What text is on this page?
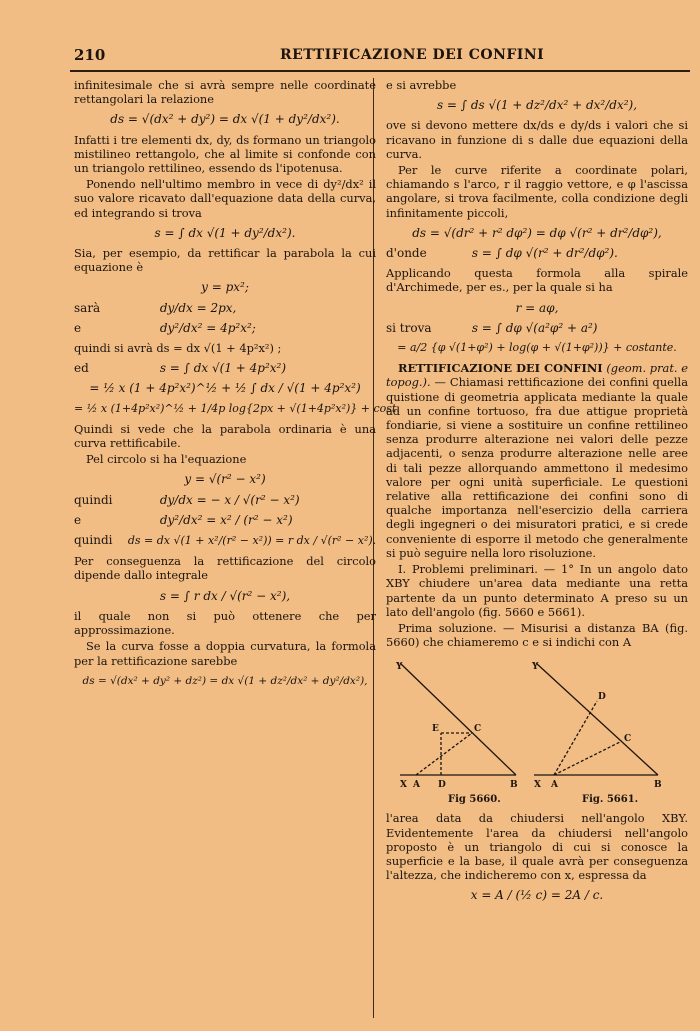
210	RETTIFICAZIONE DEI CONFINI

infinitesimale che si avrà sempre nelle coordinate rettangolari la relazione

ds = √(dx² + dy²) = dx √(1 + dy²/dx²).

Infatti i tre elementi dx, dy, ds formano un triangolo mistilineo rettangolo, che al limite si confonde con un triangolo rettilineo, essendo ds l'ipotenusa.

Ponendo nell'ultimo membro in vece di dy²/dx² il suo valore ricavato dall'equazione data della curva, ed integrando si trova

s = ∫ dx √(1 + dy²/dx²).

Sia, per esempio, da rettificar la parabola la cui equazione è

y = px²;
sarà	dy/dx = 2px,
e	dy²/dx² = 4p²x²;

quindi si avrà ds = dx √(1 + 4p²x²) ;

ed	s = ∫ dx √(1 + 4p²x²)
= ½ x (1 + 4p²x²)^½ + ½ ∫ dx / √(1 + 4p²x²)
= ½ x (1+4p²x²)^½ + 1/4p log{2px + √(1+4p²x²)} + cost.

Quindi si vede che la parabola ordinaria è una curva rettificabile.

Pel circolo si ha l'equazione

y = √(r² − x²)
quindi	dy/dx = − x / √(r² − x²)
e	dy²/dx² = x² / (r² − x²)
quindi ds = dx √(1 + x²/(r² − x²)) = r dx / √(r² − x²).

Per conseguenza la rettificazione del circolo dipende dallo integrale

s = ∫ r dx / √(r² − x²),

il quale non si può ottenere che per approssimazione.

Se la curva fosse a doppia curvatura, la formola per la rettificazione sarebbe

ds = √(dx² + dy² + dz²) = dx √(1 + dz²/dx² + dy²/dx²),

e si avrebbe

s = ∫ ds √(1 + dz²/dx² + dx²/dx²),

ove si devono mettere dx/ds e dy/ds i valori che si ricavano in funzione di s dalle due equazioni della curva.

Per le curve riferite a coordinate polari, chiamando s l'arco, r il raggio vettore, e φ l'ascissa angolare, si trova facilmente, colla condizione degli infinitamente piccoli,

ds = √(dr² + r² dφ²) = dφ √(r² + dr²/dφ²),
d'onde	s = ∫ dφ √(r² + dr²/dφ²).

Applicando questa formola alla spirale d'Archimede, per es., per la quale si ha

r = aφ,
si trova	s = ∫ dφ √(a²φ² + a²)
= a/2 {φ √(1+φ²) + log(φ + √(1+φ²))} + costante.

RETTIFICAZIONE DEI CONFINI (geom. prat. e topog.). — Chiamasi rettificazione dei confini quella quistione di geometria applicata mediante la quale ad un confine tortuoso, fra due attigue proprietà fondiarie, si viene a sostituire un confine rettilineo senza produrre alterazione nei valori delle pezze adjacenti, o senza produrre alterazione nelle aree di tali pezze allorquando ammettono il medesimo valore per ogni unità superficiale. Le questioni relative alla rettificazione dei confini sono di qualche importanza nell'esercizio della carriera degli ingegneri o dei misuratori pratici, e si crede conveniente di esporre il metodo che generalmente si può seguire nella loro risoluzione.

I. Problemi preliminari. — 1° In un angolo dato XBY chiudere un'area data mediante una retta partente da un punto determinato A preso su un lato dell'angolo (fig. 5660 e 5661).

Prima soluzione. — Misurisi a distanza BA (fig. 5660) che chiameremo c e si indichi con A

Y
E	C
X A D	B
Y
D
C
X A	B
Fig 5660.	Fig. 5661.

l'area data da chiudersi nell'angolo XBY. Evidentemente l'area da chiudersi nell'angolo proposto è un triangolo di cui si conosce la superficie e la base, il quale avrà per conseguenza l'altezza, che indicheremo con x, espressa da

x = A / (½ c) = 2A / c.
